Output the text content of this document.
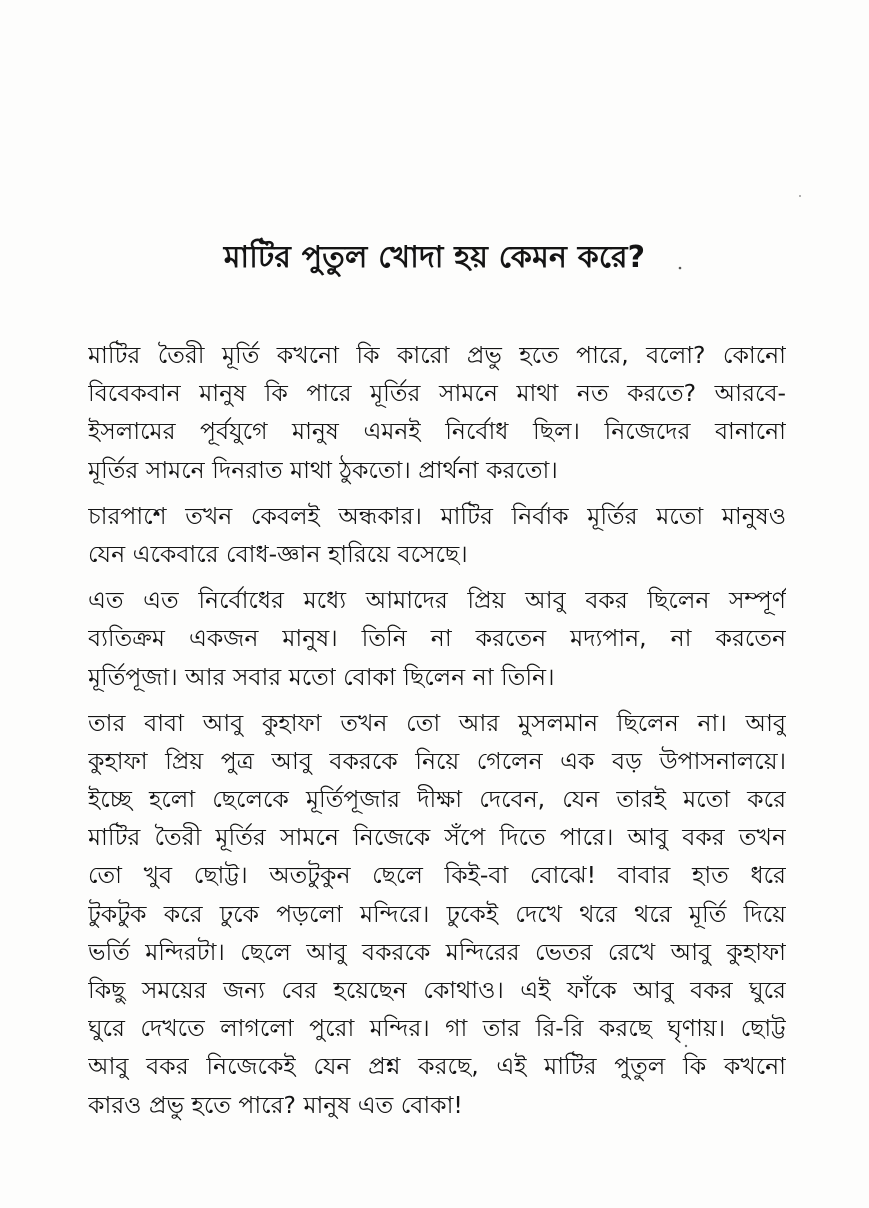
মাটির পুতুল খোদা হয় কেমন করে?
মাটির তৈরী মূর্তি কখনো কি কারো প্রভু হতে পারে, বলো? কোনো
বিবেকবান মানুষ কি পারে মূর্তির সামনে মাথা নত করতে? আরবে-
ইসলামের পূর্বযুগে মানুষ এমনই নির্বোধ ছিল। নিজেদের বানানো
মূর্তির সামনে দিনরাত মাথা ঠুকতো। প্রার্থনা করতো।
চারপাশে তখন কেবলই অন্ধকার। মাটির নির্বাক মূর্তির মতো মানুষও
যেন একেবারে বোধ-জ্ঞান হারিয়ে বসেছে।
এত এত নির্বোধের মধ্যে আমাদের প্রিয় আবু বকর ছিলেন সম্পূর্ণ
ব্যতিক্রম একজন মানুষ। তিনি না করতেন মদ্যপান, না করতেন
মূর্তিপূজা। আর সবার মতো বোকা ছিলেন না তিনি।
তার বাবা আবু কুহাফা তখন তো আর মুসলমান ছিলেন না। আবু
কুহাফা প্রিয় পুত্র আবু বকরকে নিয়ে গেলেন এক বড় উপাসনালয়ে।
ইচ্ছে হলো ছেলেকে মূর্তিপূজার দীক্ষা দেবেন, যেন তারই মতো করে
মাটির তৈরী মূর্তির সামনে নিজেকে সঁপে দিতে পারে। আবু বকর তখন
তো খুব ছোট্ট। অতটুকুন ছেলে কিই-বা বোঝে! বাবার হাত ধরে
টুকটুক করে ঢুকে পড়লো মন্দিরে। ঢুকেই দেখে থরে থরে মূর্তি দিয়ে
ভর্তি মন্দিরটা। ছেলে আবু বকরকে মন্দিরের ভেতর রেখে আবু কুহাফা
কিছু সময়ের জন্য বের হয়েছেন কোথাও। এই ফাঁকে আবু বকর ঘুরে
ঘুরে দেখতে লাগলো পুরো মন্দির। গা তার রি-রি করছে ঘৃণায়। ছোট্ট
আবু বকর নিজেকেই যেন প্রশ্ন করছে, এই মাটির পুতুল কি কখনো
কারও প্রভু হতে পারে? মানুষ এত বোকা!
